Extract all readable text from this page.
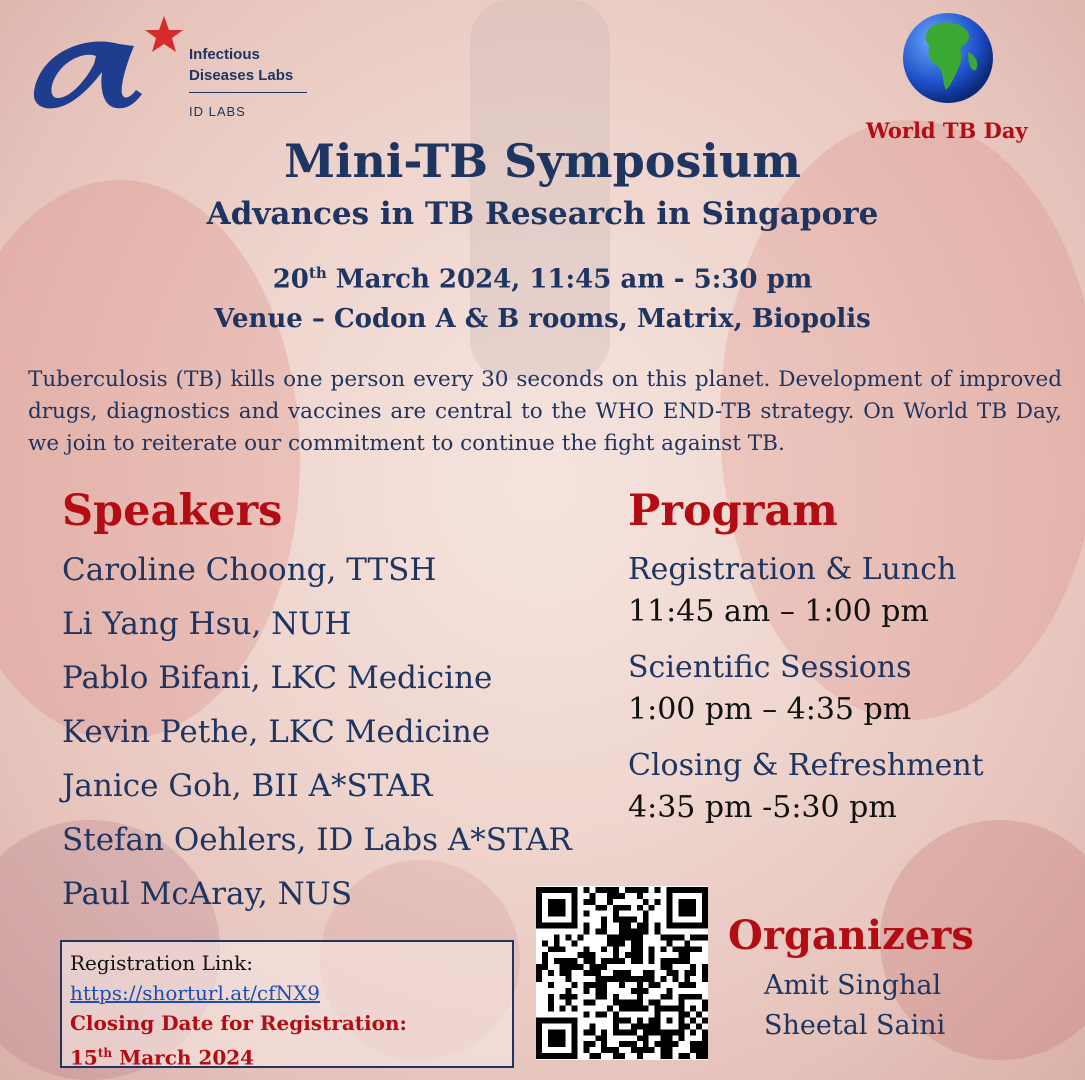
Infectious
Diseases Labs
ID LABS
World TB Day
Mini-TB Symposium
Advances in TB Research in Singapore
20th March 2024, 11:45 am - 5:30 pm
Venue – Codon A & B rooms, Matrix, Biopolis
Tuberculosis (TB) kills one person every 30 seconds on this planet. Development of improved drugs, diagnostics and vaccines are central to the WHO END-TB strategy. On World TB Day, we join to reiterate our commitment to continue the fight against TB.
Speakers
Caroline Choong, TTSH
Li Yang Hsu, NUH
Pablo Bifani, LKC Medicine
Kevin Pethe, LKC Medicine
Janice Goh, BII A*STAR
Stefan Oehlers, ID Labs A*STAR
Paul McAray, NUS
Program
Registration & Lunch
11:45 am – 1:00 pm
Scientific Sessions
1:00 pm – 4:35 pm
Closing & Refreshment
4:35 pm -5:30 pm
Registration Link:
https://shorturl.at/cfNX9
Closing Date for Registration:
15th March 2024
Organizers
Amit Singhal
Sheetal Saini
